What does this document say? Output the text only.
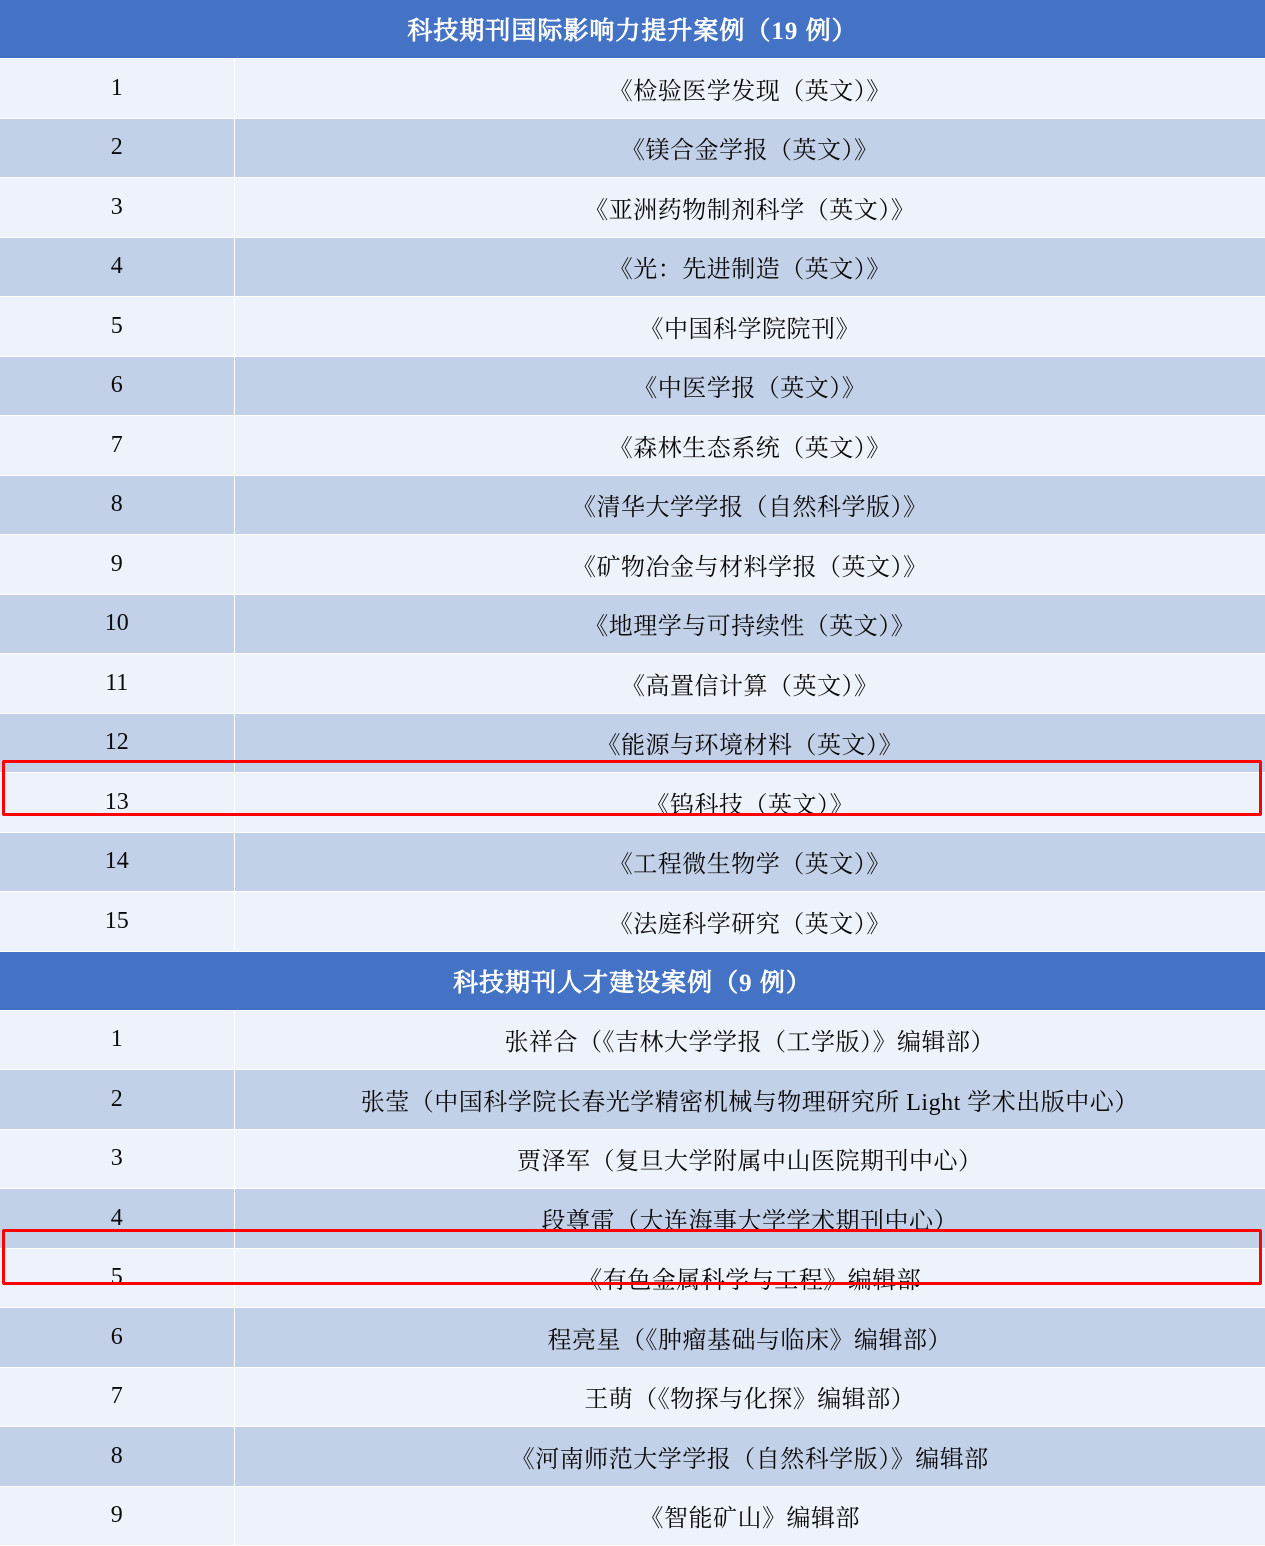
科技期刊国际影响力提升案例（19 例）	
1	《检验医学发现（英文）》
2	《镁合金学报（英文）》
3	《亚洲药物制剂科学（英文）》
4	《光：先进制造（英文）》
5	《中国科学院院刊》
6	《中医学报（英文）》
7	《森林生态系统（英文）》
8	《清华大学学报（自然科学版）》
9	《矿物冶金与材料学报（英文）》
10	《地理学与可持续性（英文）》
11	《高置信计算（英文）》
12	《能源与环境材料（英文）》
13	《钨科技（英文）》
14	《工程微生物学（英文）》
15	《法庭科学研究（英文）》
科技期刊人才建设案例（9 例）	
1	张祥合（《吉林大学学报（工学版）》编辑部）
2	张莹（中国科学院长春光学精密机械与物理研究所 Light 学术出版中心）
3	贾泽军（复旦大学附属中山医院期刊中心）
4	段尊雷（大连海事大学学术期刊中心）
5	《有色金属科学与工程》编辑部
6	程亮星（《肿瘤基础与临床》编辑部）
7	王萌（《物探与化探》编辑部）
8	《河南师范大学学报（自然科学版）》编辑部
9	《智能矿山》编辑部
